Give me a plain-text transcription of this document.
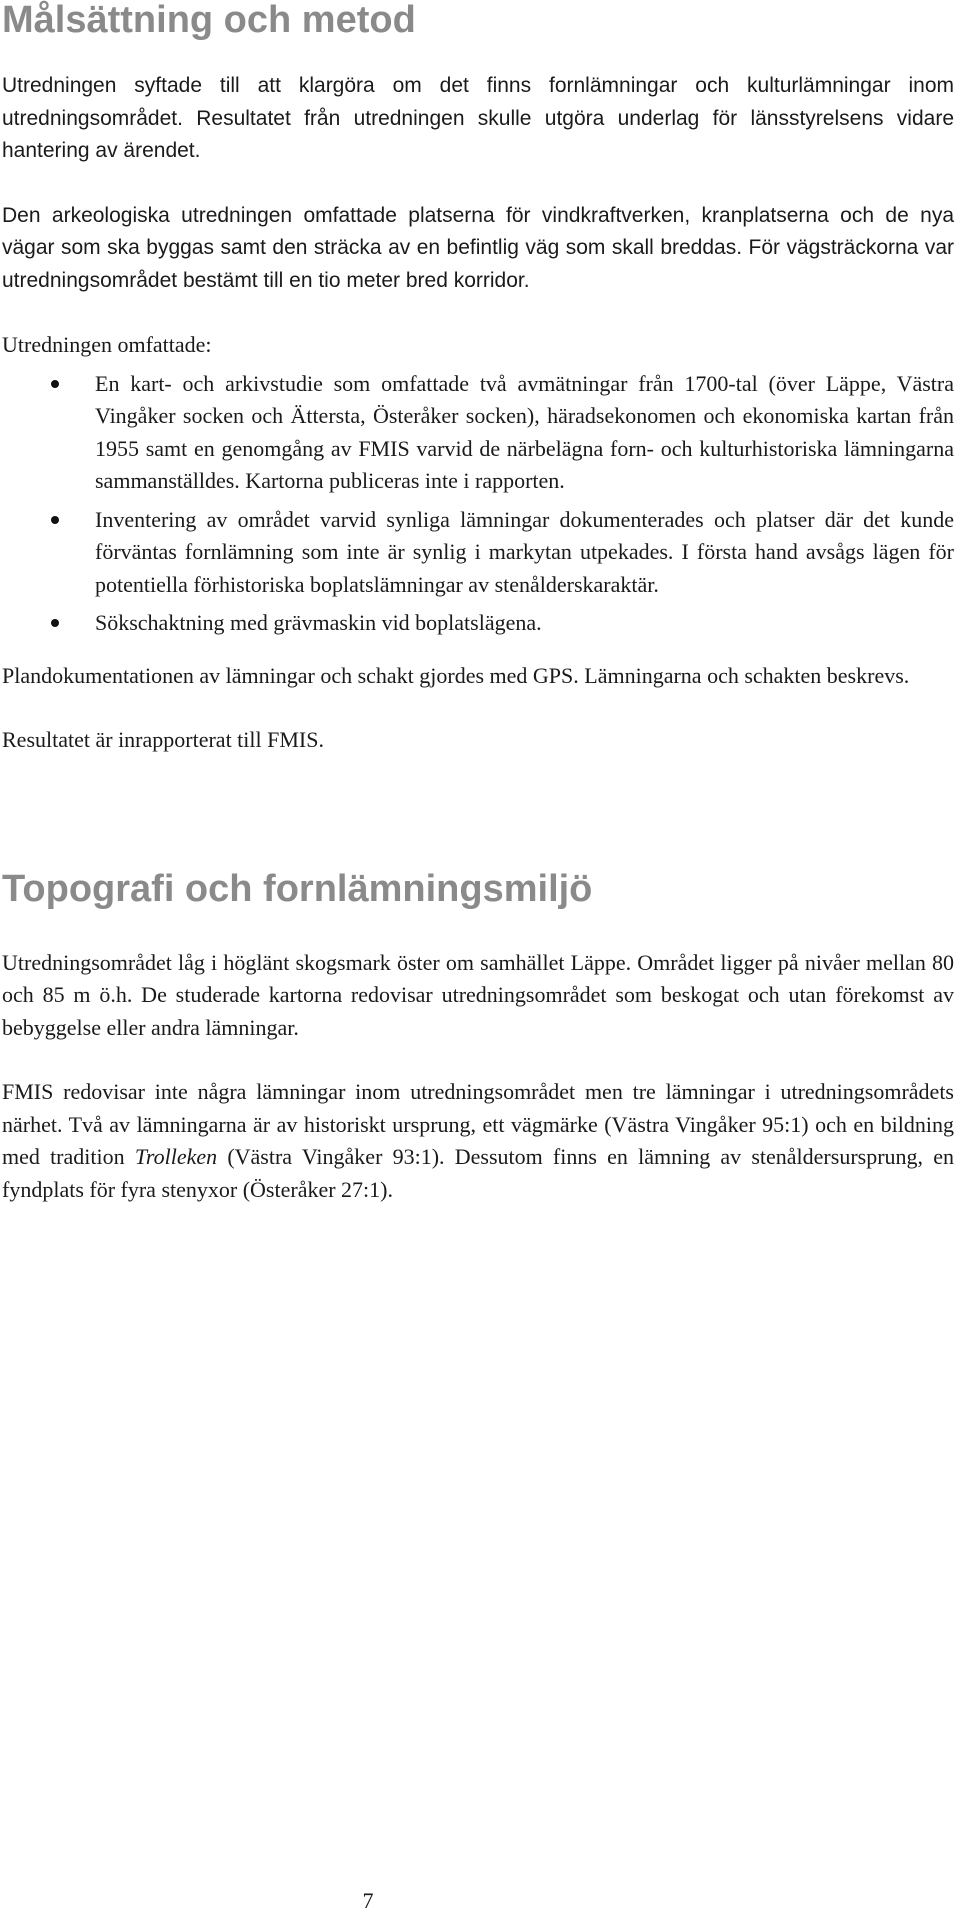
Målsättning och metod

Utredningen syftade till att klargöra om det finns fornlämningar och kulturlämningar inom utredningsområdet. Resultatet från utredningen skulle utgöra underlag för länsstyrelsens vidare hantering av ärendet.

Den arkeologiska utredningen omfattade platserna för vindkraftverken, kranplatserna och de nya vägar som ska byggas samt den sträcka av en befintlig väg som skall breddas. För vägsträckorna var utredningsområdet bestämt till en tio meter bred korridor.

Utredningen omfattade:

En kart- och arkivstudie som omfattade två avmätningar från 1700-tal (över Läppe, Västra Vingåker socken och Ättersta, Österåker socken), häradsekonomen och ekonomiska kartan från 1955 samt en genomgång av FMIS varvid de närbelägna forn- och kulturhistoriska lämningarna sammanställdes. Kartorna publiceras inte i rapporten.
Inventering av området varvid synliga lämningar dokumenterades och platser där det kunde förväntas fornlämning som inte är synlig i markytan utpekades. I första hand avsågs lägen för potentiella förhistoriska boplatslämningar av stenålderskaraktär.
Sökschaktning med grävmaskin vid boplatslägena.

Plandokumentationen av lämningar och schakt gjordes med GPS. Lämningarna och schakten beskrevs.

Resultatet är inrapporterat till FMIS.

Topografi och fornlämningsmiljö

Utredningsområdet låg i höglänt skogsmark öster om samhället Läppe. Området ligger på nivåer mellan 80 och 85 m ö.h. De studerade kartorna redovisar utredningsområdet som beskogat och utan förekomst av bebyggelse eller andra lämningar.

FMIS redovisar inte några lämningar inom utredningsområdet men tre lämningar i utredningsområdets närhet. Två av lämningarna är av historiskt ursprung, ett vägmärke (Västra Vingåker 95:1) och en bildning med tradition Trolleken (Västra Vingåker 93:1). Dessutom finns en lämning av stenåldersursprung, en fyndplats för fyra stenyxor (Österåker 27:1).

7
